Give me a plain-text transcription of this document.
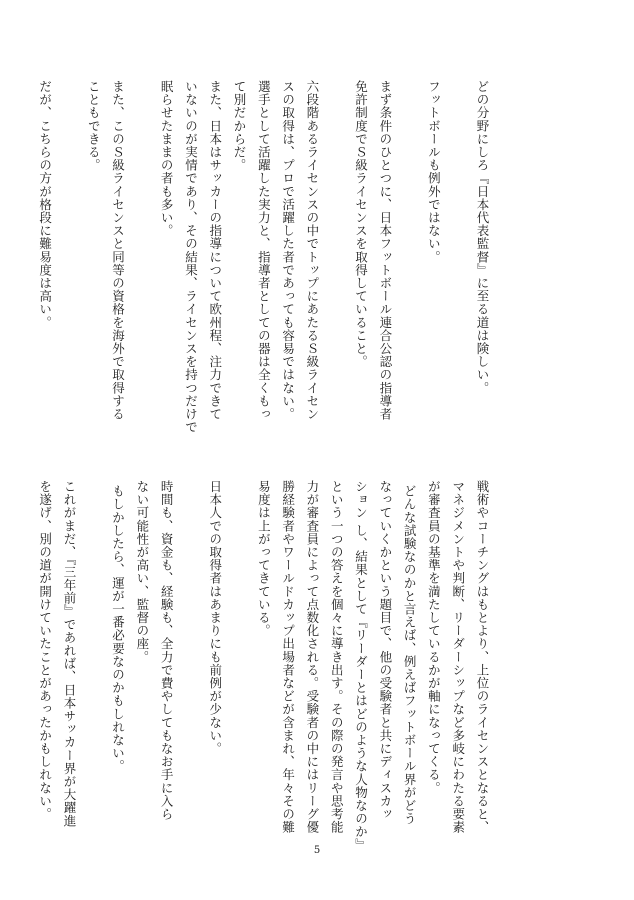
どの分野にしろ『日本代表監督』に至る道は険しい。

フットボールも例外ではない。

まず条件のひとつに、日本フットボール連合公認の指導者
免許制度でＳ級ライセンスを取得していること。

六段階あるライセンスの中でトップにあたるＳ級ライセン
スの取得は、プロで活躍した者であっても容易ではない。
選手として活躍した実力と、指導者としての器は全くもっ
て別だからだ。
また、日本はサッカーの指導について欧州程、注力できて
いないのが実情であり、その結果、ライセンスを持つだけで
眠らせたままの者も多い。

また、このＳ級ライセンスと同等の資格を海外で取得する
こともできる。

だが、こちらの方が格段に難易度は高い。
戦術やコーチングはもとより、上位のライセンスとなると、
マネジメントや判断、リーダーシップなど多岐にわたる要素
が審査員の基準を満たしているかが軸になってくる。
どんな試験なのかと言えば、例えばフットボール界がどう
なっていくかという題目で、他の受験者と共にディスカッ
ション し、結果として『リーダーとはどのような人物なのか』
という一つの答えを個々に導き出す。その際の発言や思考能
力が審査員によって点数化される。受験者の中にはリーグ優
勝経験者やワールドカップ出場者などが含まれ、年々その難
易度は上がってきている。

日本人での取得者はあまりにも前例が少ない。

時間も、資金も、経験も、全力で費やしてもなお手に入ら
ない可能性が高い、監督の座。
もしかしたら、運が一番必要なのかもしれない。

これがまだ、『三年前』であれば、日本サッカー界が大躍進
を遂げ、別の道が開けていたことがあったかもしれない。
5
